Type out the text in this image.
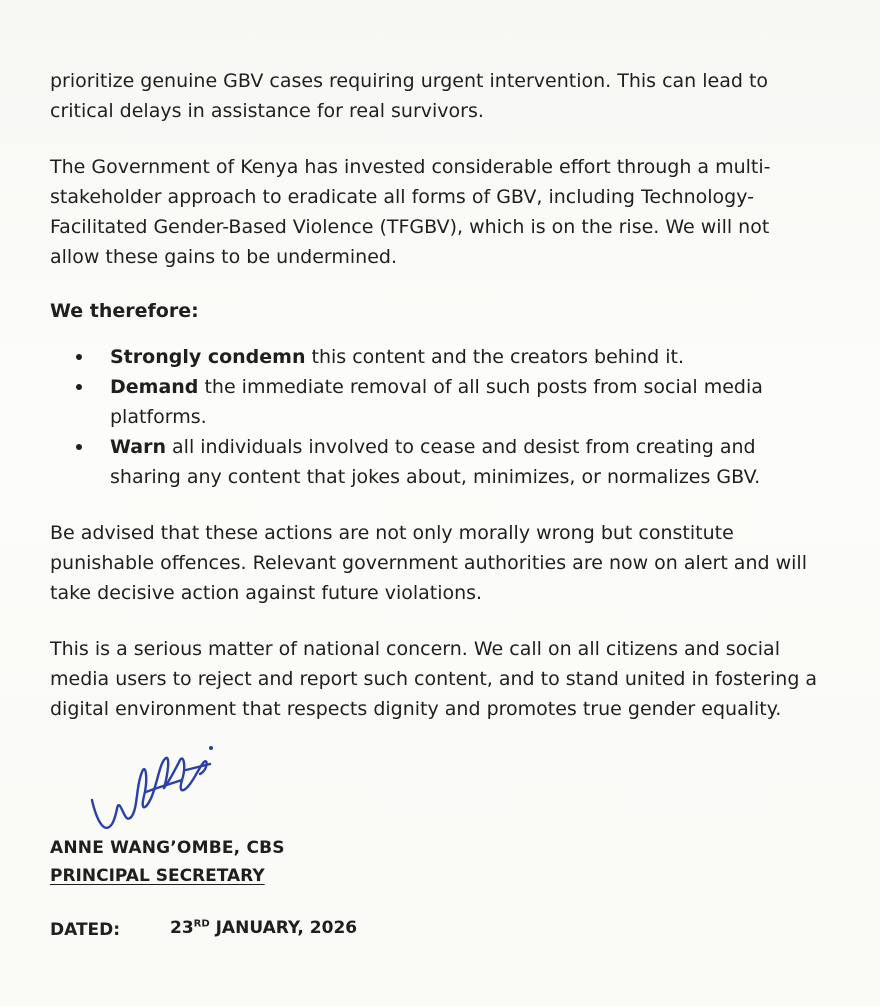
prioritize genuine GBV cases requiring urgent intervention. This can lead to critical delays in assistance for real survivors.

The Government of Kenya has invested considerable effort through a multi-stakeholder approach to eradicate all forms of GBV, including Technology-Facilitated Gender-Based Violence (TFGBV), which is on the rise. We will not allow these gains to be undermined.

We therefore:

Strongly condemn this content and the creators behind it.
Demand the immediate removal of all such posts from social media platforms.
Warn all individuals involved to cease and desist from creating and sharing any content that jokes about, minimizes, or normalizes GBV.

Be advised that these actions are not only morally wrong but constitute punishable offences. Relevant government authorities are now on alert and will take decisive action against future violations.

This is a serious matter of national concern. We call on all citizens and social media users to reject and report such content, and to stand united in fostering a digital environment that respects dignity and promotes true gender equality.

ANNE WANG’OMBE, CBS
PRINCIPAL SECRETARY
DATED:	23RD JANUARY, 2026
